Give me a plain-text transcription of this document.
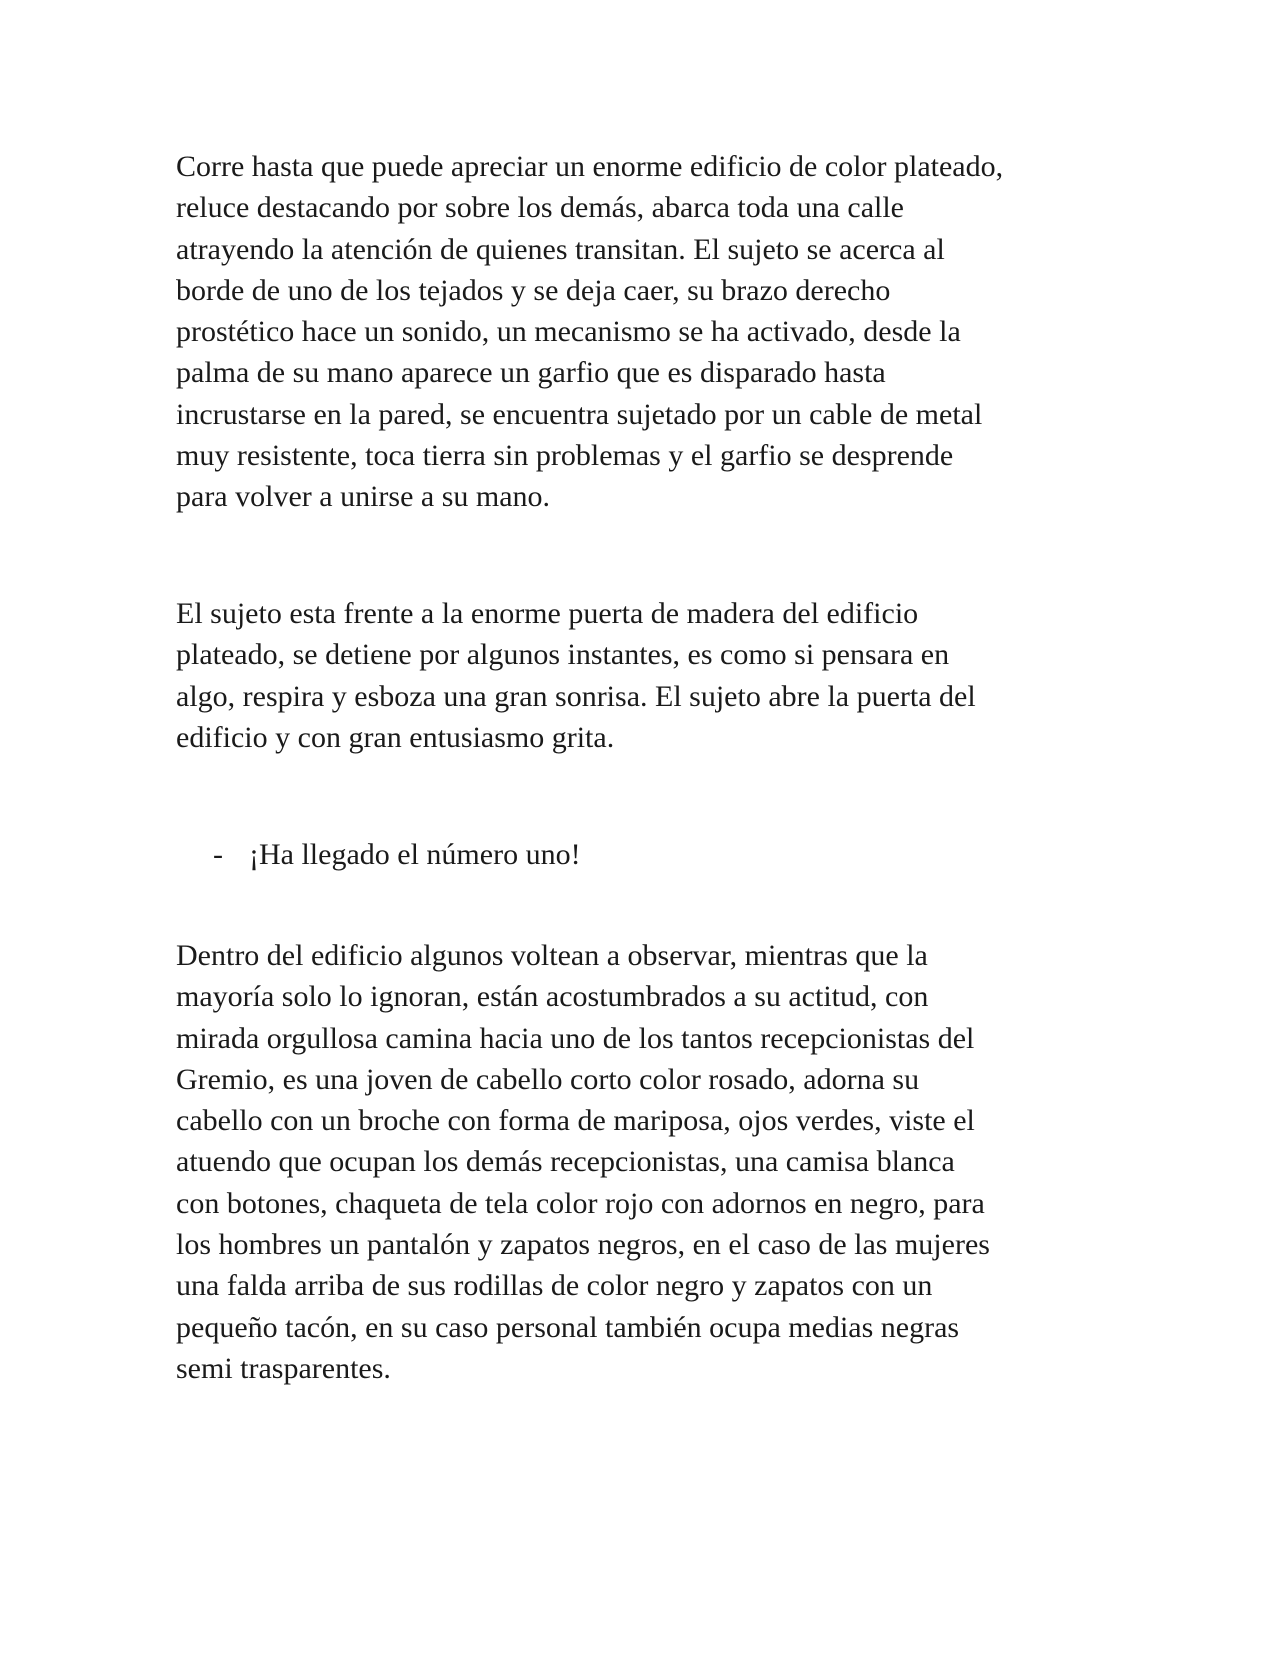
Corre hasta que puede apreciar un enorme edificio de color plateado,
reluce destacando por sobre los demás, abarca toda una calle
atrayendo la atención de quienes transitan. El sujeto se acerca al
borde de uno de los tejados y se deja caer, su brazo derecho
prostético hace un sonido, un mecanismo se ha activado, desde la
palma de su mano aparece un garfio que es disparado hasta
incrustarse en la pared, se encuentra sujetado por un cable de metal
muy resistente, toca tierra sin problemas y el garfio se desprende
para volver a unirse a su mano.

El sujeto esta frente a la enorme puerta de madera del edificio
plateado, se detiene por algunos instantes, es como si pensara en
algo, respira y esboza una gran sonrisa. El sujeto abre la puerta del
edificio y con gran entusiasmo grita.

- ¡Ha llegado el número uno!

Dentro del edificio algunos voltean a observar, mientras que la
mayoría solo lo ignoran, están acostumbrados a su actitud, con
mirada orgullosa camina hacia uno de los tantos recepcionistas del
Gremio, es una joven de cabello corto color rosado, adorna su
cabello con un broche con forma de mariposa, ojos verdes, viste el
atuendo que ocupan los demás recepcionistas, una camisa blanca
con botones, chaqueta de tela color rojo con adornos en negro, para
los hombres un pantalón y zapatos negros, en el caso de las mujeres
una falda arriba de sus rodillas de color negro y zapatos con un
pequeño tacón, en su caso personal también ocupa medias negras
semi trasparentes.
